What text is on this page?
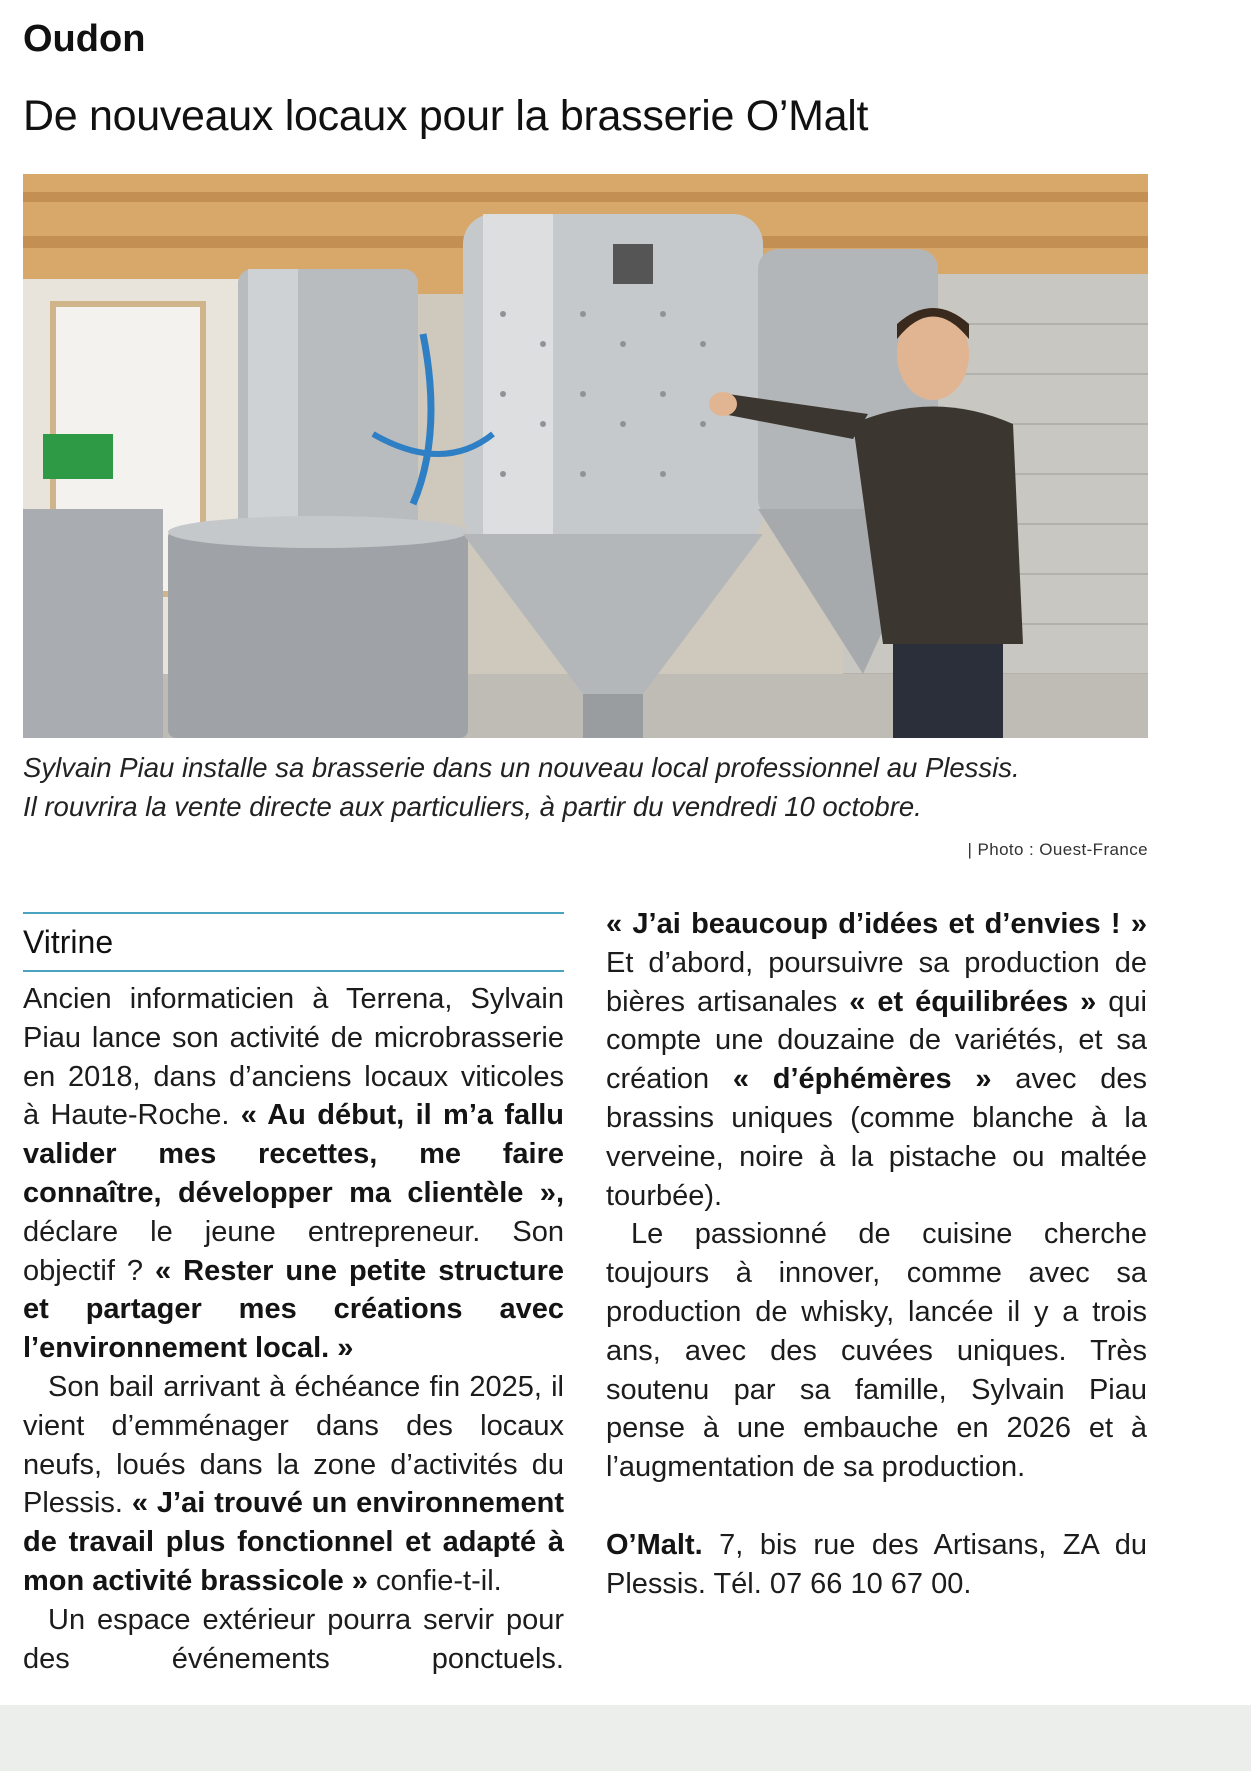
Oudon
De nouveaux locaux pour la brasserie O’Malt

Sylvain Piau installe sa brasserie dans un nouveau local professionnel au Plessis.

Il rouvrira la vente directe aux particuliers, à partir du vendredi 10 octobre.

| Photo : Ouest-France
Vitrine

Ancien informaticien à Terrena, Sylvain Piau lance son activité de microbrasserie en 2018, dans d’anciens locaux viticoles à Haute-Roche. « Au début, il m’a fallu valider mes recettes, me faire connaître, développer ma clientèle », déclare le jeune entrepreneur. Son objectif ? « Rester une petite structure et partager mes créations avec l’environnement local. »

Son bail arrivant à échéance fin 2025, il vient d’emménager dans des locaux neufs, loués dans la zone d’activités du Plessis. « J’ai trouvé un environnement de travail plus fonctionnel et adapté à mon activité brassicole » confie-t-il.

Un espace extérieur pourra servir pour des événements ponctuels.

« J’ai beaucoup d’idées et d’envies ! » Et d’abord, poursuivre sa production de bières artisanales « et équilibrées » qui compte une douzaine de variétés, et sa création « d’éphémères » avec des brassins uniques (comme blanche à la verveine, noire à la pistache ou maltée tourbée).

Le passionné de cuisine cherche toujours à innover, comme avec sa production de whisky, lancée il y a trois ans, avec des cuvées uniques. Très soutenu par sa famille, Sylvain Piau pense à une embauche en 2026 et à l’augmentation de sa production.

O’Malt. 7, bis rue des Artisans, ZA du Plessis. Tél. 07 66 10 67 00.
